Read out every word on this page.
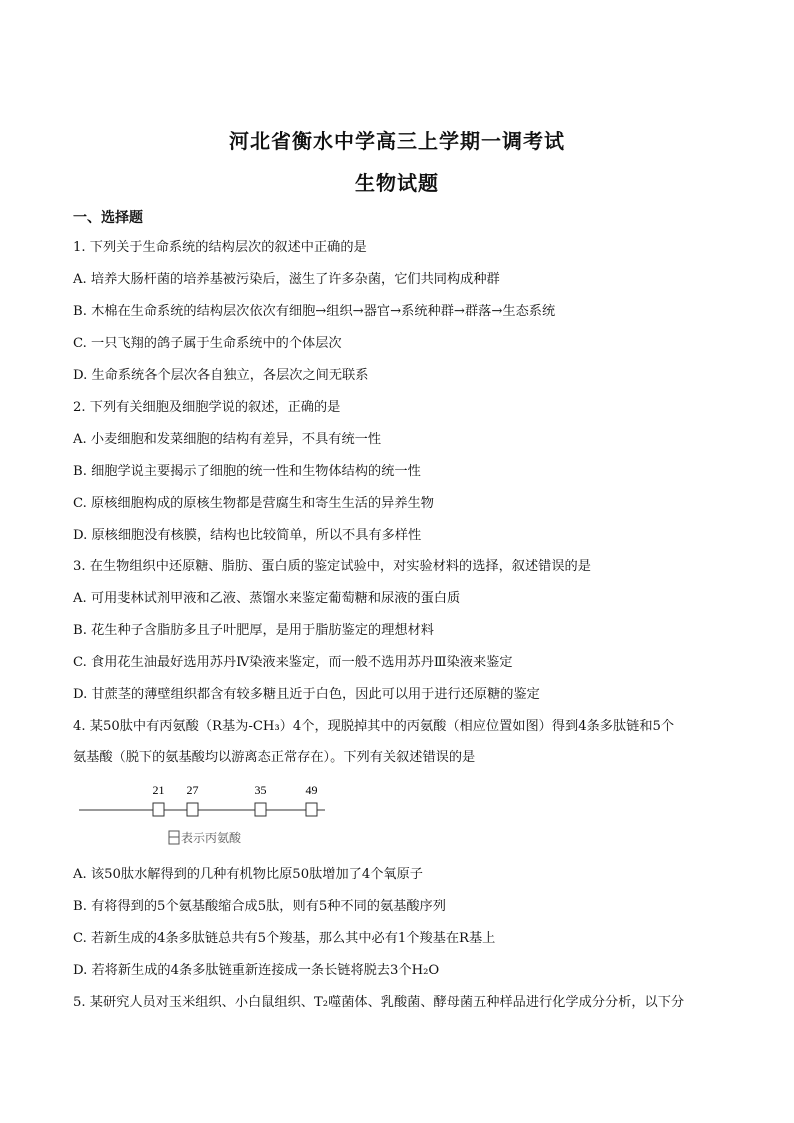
河北省衡水中学高三上学期一调考试
生物试题
一、选择题
1. 下列关于生命系统的结构层次的叙述中正确的是
A. 培养大肠杆菌的培养基被污染后，滋生了许多杂菌，它们共同构成种群
B. 木棉在生命系统的结构层次依次有细胞→组织→器官→系统种群→群落→生态系统
C. 一只飞翔的鸽子属于生命系统中的个体层次
D. 生命系统各个层次各自独立，各层次之间无联系
2. 下列有关细胞及细胞学说的叙述，正确的是
A. 小麦细胞和发菜细胞的结构有差异，不具有统一性
B. 细胞学说主要揭示了细胞的统一性和生物体结构的统一性
C. 原核细胞构成的原核生物都是营腐生和寄生生活的异养生物
D. 原核细胞没有核膜，结构也比较简单，所以不具有多样性
3. 在生物组织中还原糖、脂肪、蛋白质的鉴定试验中，对实验材料的选择，叙述错误的是
A. 可用斐林试剂甲液和乙液、蒸馏水来鉴定葡萄糖和尿液的蛋白质
B. 花生种子含脂肪多且子叶肥厚，是用于脂肪鉴定的理想材料
C. 食用花生油最好选用苏丹Ⅳ染液来鉴定，而一般不选用苏丹Ⅲ染液来鉴定
D. 甘蔗茎的薄壁组织都含有较多糖且近于白色，因此可以用于进行还原糖的鉴定
4. 某50肽中有丙氨酸（R基为-CH₃）4个，现脱掉其中的丙氨酸（相应位置如图）得到4条多肽链和5个
氨基酸（脱下的氨基酸均以游离态正常存在）。下列有关叙述错误的是
21 27	35	49
表示丙氨酸
A. 该50肽水解得到的几种有机物比原50肽增加了4个氧原子
B. 有将得到的5个氨基酸缩合成5肽，则有5种不同的氨基酸序列
C. 若新生成的4条多肽链总共有5个羧基，那么其中必有1个羧基在R基上
D. 若将新生成的4条多肽链重新连接成一条长链将脱去3个H₂O
5. 某研究人员对玉米组织、小白鼠组织、T₂噬菌体、乳酸菌、酵母菌五种样品进行化学成分分析，以下分
